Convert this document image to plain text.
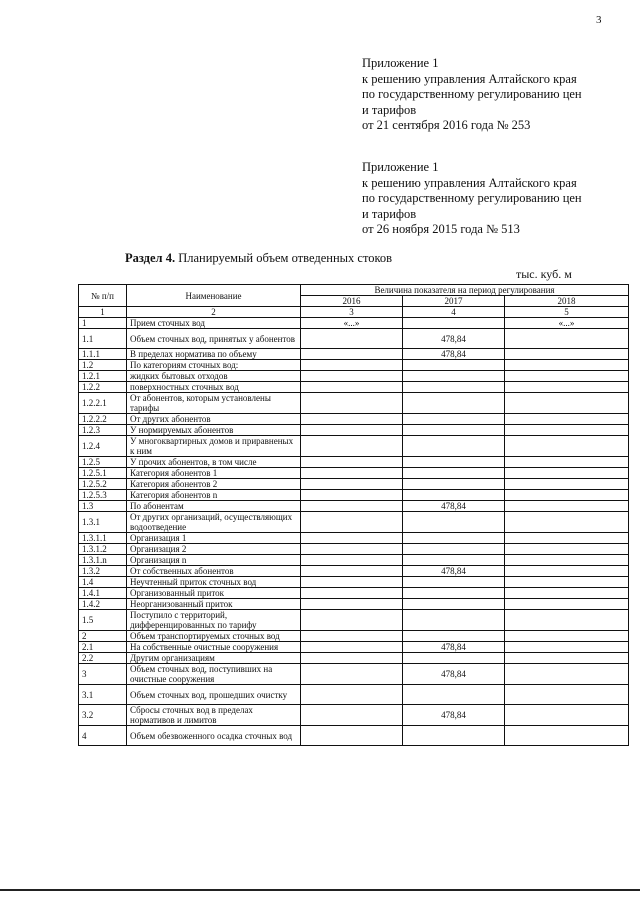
3
Приложение 1
к решению управления Алтайского края
по государственному регулированию цен
и тарифов
от 21 сентября 2016 года № 253
Приложение 1
к решению управления Алтайского края
по государственному регулированию цен
и тарифов
от 26 ноября 2015 года № 513
Раздел 4. Планируемый объем отведенных стоков
тыс. куб. м
№ п/п	Наименование	Величина показателя на период регулирования		
		2016	2017	2018
1	2	3	4	5
1	Прием сточных вод	«...»		«...»
1.1	Объем сточных вод, принятых у абонентов		478,84	
1.1.1	В пределах норматива по объему		478,84	
1.2	По категориям сточных вод:			
1.2.1	жидких бытовых отходов			
1.2.2	поверхностных сточных вод			
1.2.2.1	От абонентов, которым установлены тарифы			
1.2.2.2	От других абонентов			
1.2.3	У нормируемых абонентов			
1.2.4	У многоквартирных домов и приравненых к ним			
1.2.5	У прочих абонентов, в том числе			
1.2.5.1	Категория абонентов 1			
1.2.5.2	Категория абонентов 2			
1.2.5.3	Категория абонентов n			
1.3	По абонентам		478,84	
1.3.1	От других организаций, осуществляющих водоотведение			
1.3.1.1	Организация 1			
1.3.1.2	Организация 2			
1.3.1.n	Организация n			
1.3.2	От собственных абонентов		478,84	
1.4	Неучтенный приток сточных вод			
1.4.1	Организованный приток			
1.4.2	Неорганизованный приток			
1.5	Поступило с территорий, дифференцированных по тарифу			
2	Объем транспортируемых сточных вод			
2.1	На собственные очистные сооружения		478,84	
2.2	Другим организациям			
3	Объем сточных вод, поступивших на очистные сооружения		478,84	
3.1	Объем сточных вод, прошедших очистку			
3.2	Сбросы сточных вод в пределах нормативов и лимитов		478,84	
4	Объем обезвоженного осадка сточных вод			
